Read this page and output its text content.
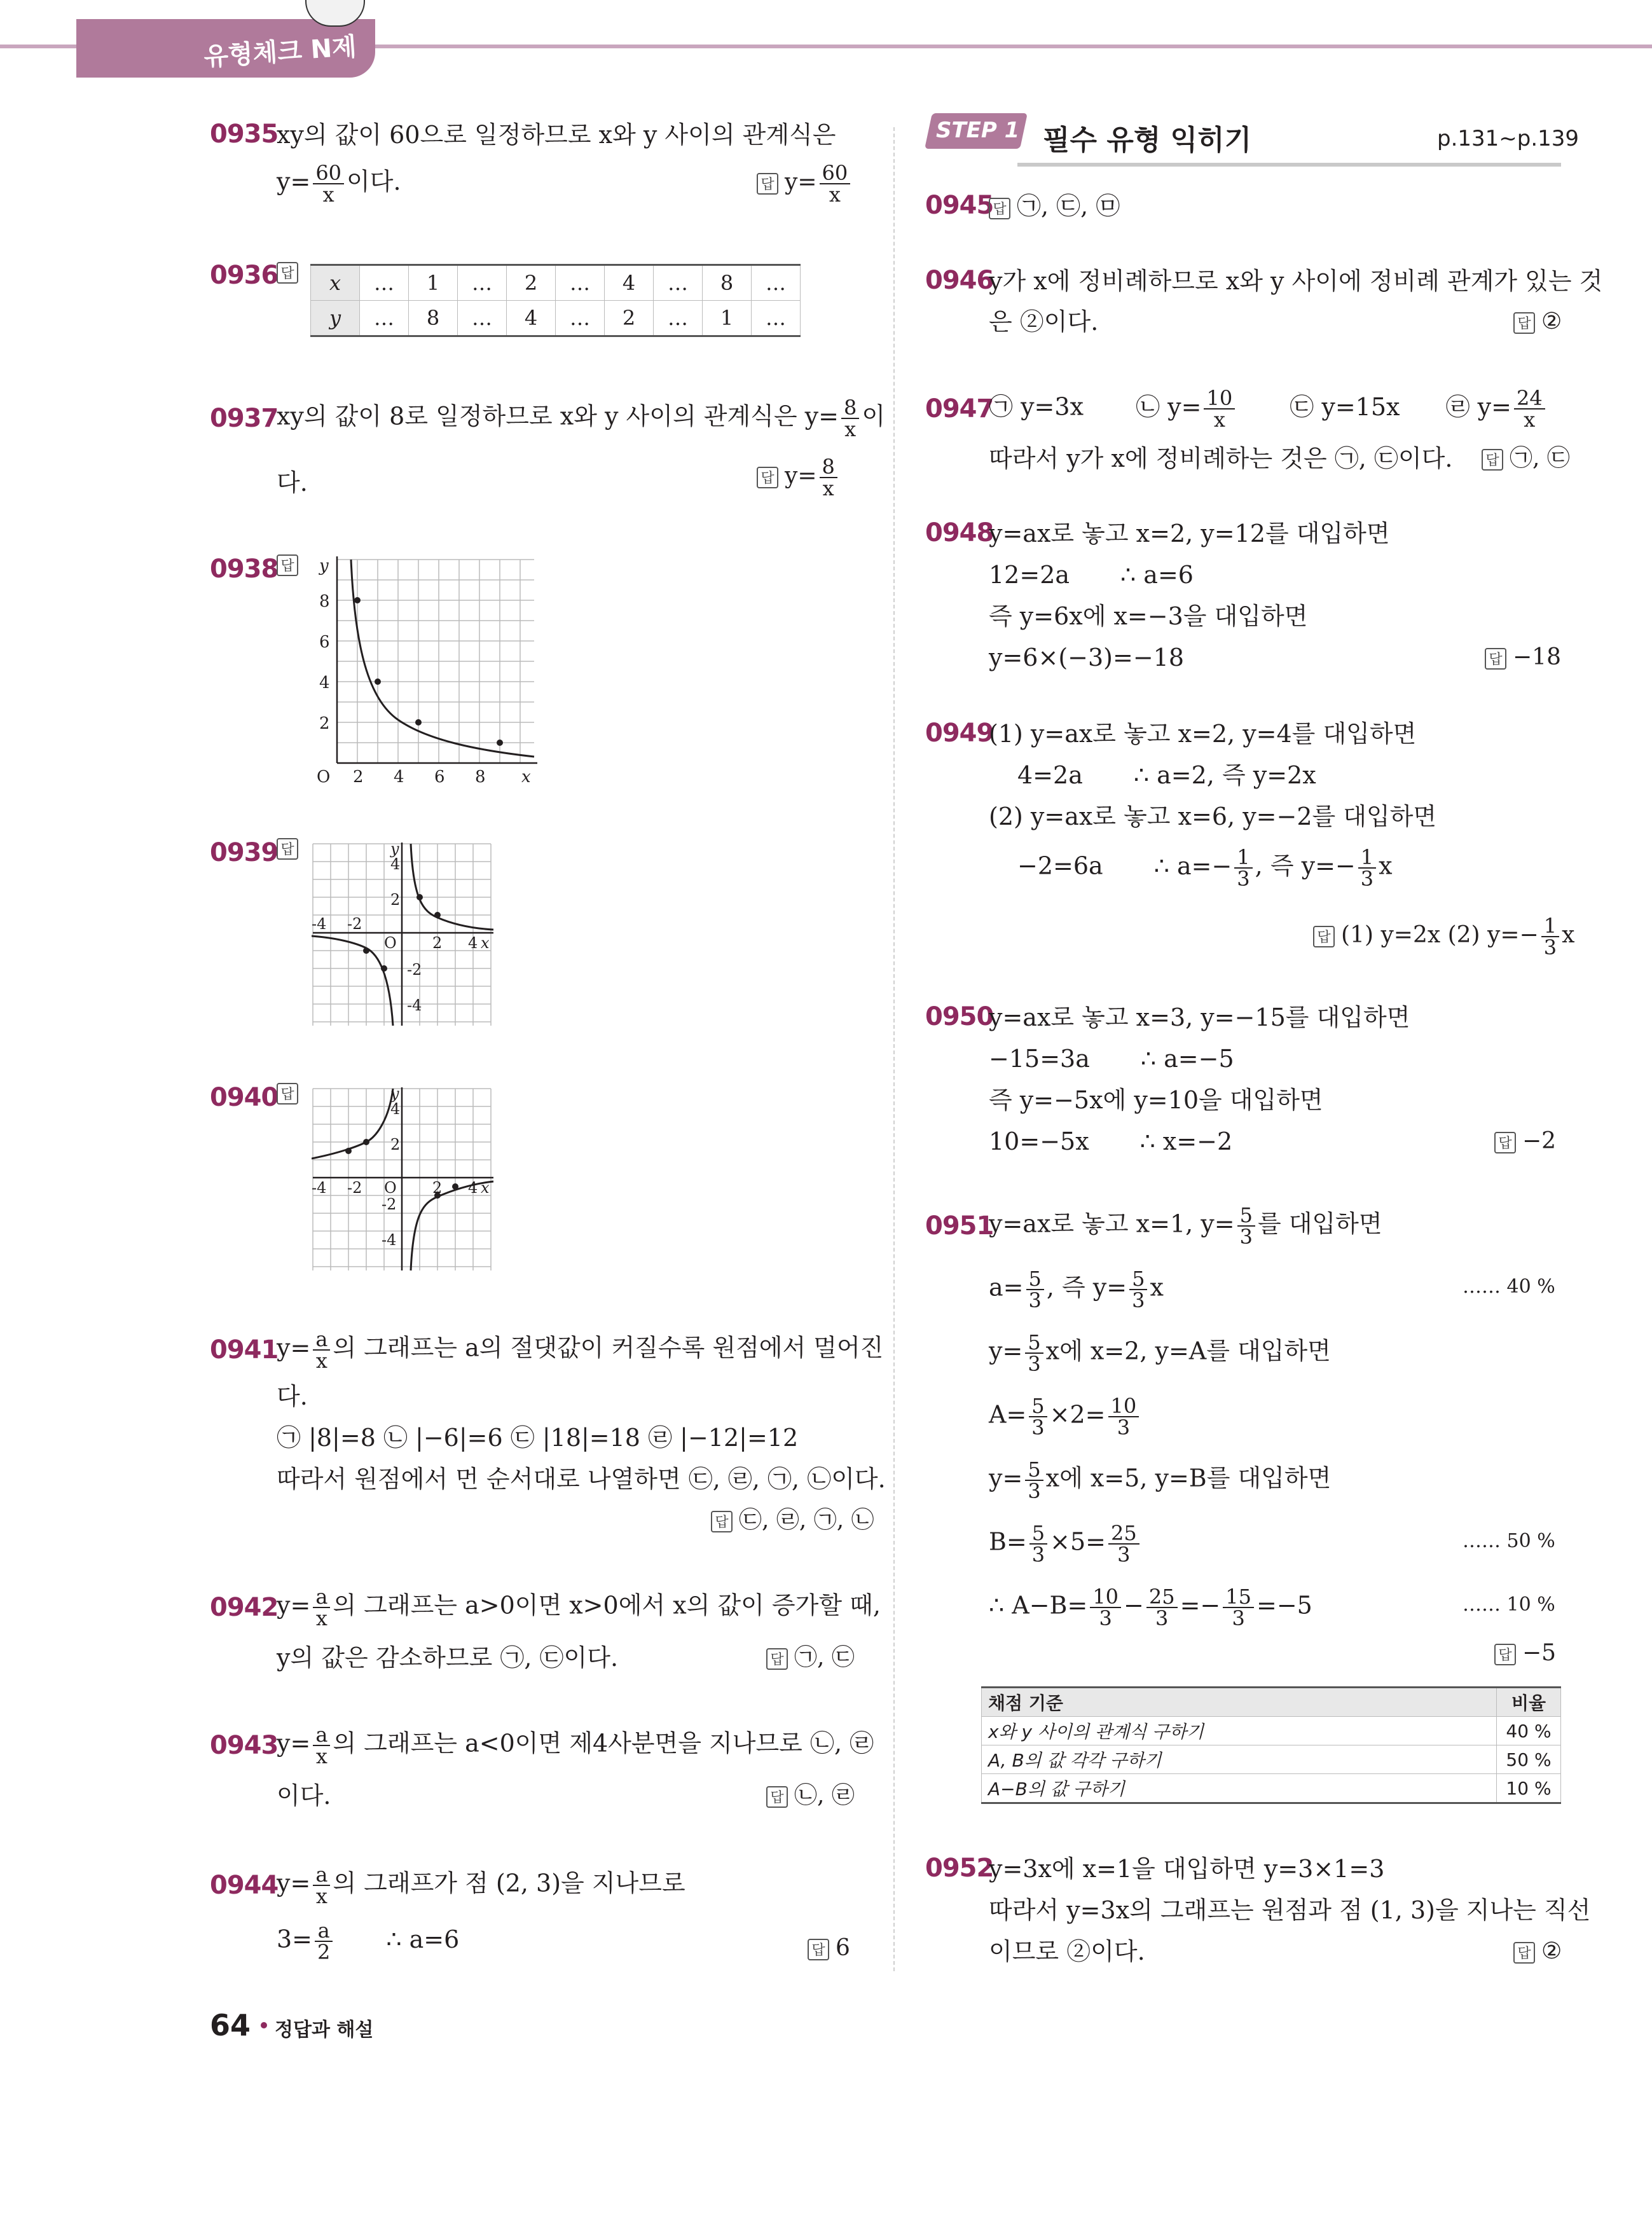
유형체크 N제
0935
xy의 값이 60으로 일정하므로 x와 y 사이의 관계식은
$y= \frac{60}{x}$ 이다.	답 $y= \frac{60}{x}$
0936 답	x	…	1	…	2	…	4	…	8	…
y	…	8	…	4	…	2	…	1	…
0937
xy의 값이 8로 일정하므로 x와 y 사이의 관계식은 $y= \frac{8}{x}$ 이
다.	답 $y= \frac{8}{x}$
0938 답	y
8
6
4
2
O 2 4 6 8 x
0939 답	y
4
2
-4 -2
O 2 4 x
-2
-4
0940 답	y
4
2
-4 -2 O 2 4 x
-2
-4
0941
$y= \frac{a}{x}$ 의 그래프는 a의 절댓값이 커질수록 원점에서 멀어진
다.
㉠ |8|=8 ㉡ |−6|=6 ㉢ |18|=18 ㉣ |−12|=12
따라서 원점에서 먼 순서대로 나열하면 ㉢, ㉣, ㉠, ㉡이다.
답 ㉢, ㉣, ㉠, ㉡
0942
$y= \frac{a}{x}$ 의 그래프는 a>0이면 x>0에서 x의 값이 증가할 때,
y의 값은 감소하므로 ㉠, ㉢이다.	답 ㉠, ㉢
0943
$y= \frac{a}{x}$ 의 그래프는 a<0이면 제4사분면을 지나므로 ㉡, ㉣
이다.	답 ㉡, ㉣
0944
$y= \frac{a}{x}$ 의 그래프가 점 (2, 3)을 지나므로
$3= \frac{a}{2}$ ∴ a=6	답 6
64 정답과 해설
STEP 1 필수 유형 익히기	p.131~p.139
0945 답 ㉠, ㉢, ㉤
0946
y가 x에 정비례하므로 x와 y 사이에 정비례 관계가 있는 것
은 ②이다.	답 ②
0947
㉠ y=3x ㉡ $y= \frac{10}{x}$ ㉢ y=15x ㉣ $y= \frac{24}{x}$
따라서 y가 x에 정비례하는 것은 ㉠, ㉢이다. 답 ㉠, ㉢
0948
y=ax로 놓고 x=2, y=12를 대입하면
12=2a ∴ a=6
즉 y=6x에 x=−3을 대입하면
y=6×(−3)=−18	답 −18
0949
(1) y=ax로 놓고 x=2, y=4를 대입하면
4=2a ∴ a=2, 즉 y=2x
(2) y=ax로 놓고 x=6, y=−2를 대입하면
−2=6a ∴ $a=- \frac{1}{3}$ , 즉 $y=- \frac{1}{3}$ x
답 (1) y=2x (2) $y=- \frac{1}{3}$ x
0950
y=ax로 놓고 x=3, y=−15를 대입하면
−15=3a ∴ a=−5
즉 y=−5x에 y=10을 대입하면
10=−5x ∴ x=−2	답 −2
0951
y=ax로 놓고 x=1, $y= \frac{5}{3}$ 를 대입하면
$a= \frac{5}{3}$ , 즉 $y= \frac{5}{3}$ x	…… 40 %
$y= \frac{5}{3}$ x에 x=2, y=A를 대입하면
$A= \frac{5}{3} \times 2= \frac{10}{3}$
$y= \frac{5}{3}$ x에 x=5, y=B를 대입하면
$B= \frac{5}{3} \times 5= \frac{25}{3}$	…… 50 %
∴ $A-B= \frac{10}{3} - \frac{25}{3} =- \frac{15}{3} =-5$	…… 10 %
답 −5
채점 기준	비율
x와 y 사이의 관계식 구하기	40 %
A, B의 값 각각 구하기	50 %
A−B의 값 구하기	10 %
0952
y=3x에 x=1을 대입하면 y=3×1=3
따라서 y=3x의 그래프는 원점과 점 (1, 3)을 지나는 직선
이므로 ②이다.	답 ②
